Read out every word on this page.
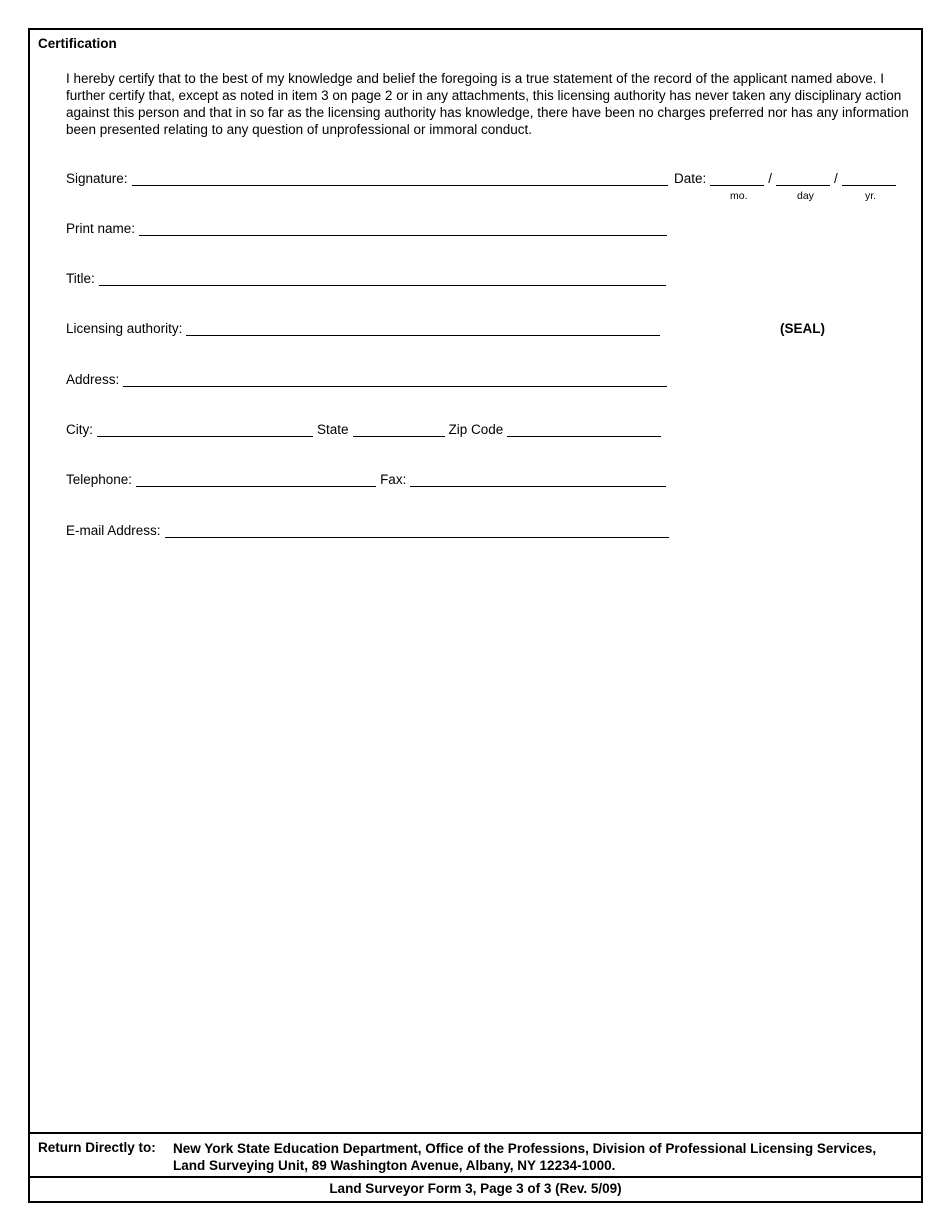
Certification

I hereby certify that to the best of my knowledge and belief the foregoing is a true statement of the record of the applicant named above. I further certify that, except as noted in item 3 on page 2 or in any attachments, this licensing authority has never taken any disciplinary action against this person and that in so far as the licensing authority has knowledge, there have been no charges preferred nor has any information been presented relating to any question of unprofessional or immoral conduct.

Signature:	Date:	/	/
mo.	day	yr.
Print name:
Title:
Licensing authority:	(SEAL)
Address:
City:	State	Zip Code
Telephone:	Fax:
E-mail Address:
Return Directly to: New York State Education Department, Office of the Professions, Division of Professional Licensing Services,
Land Surveying Unit, 89 Washington Avenue, Albany, NY 12234-1000.
Land Surveyor Form 3, Page 3 of 3 (Rev. 5/09)
